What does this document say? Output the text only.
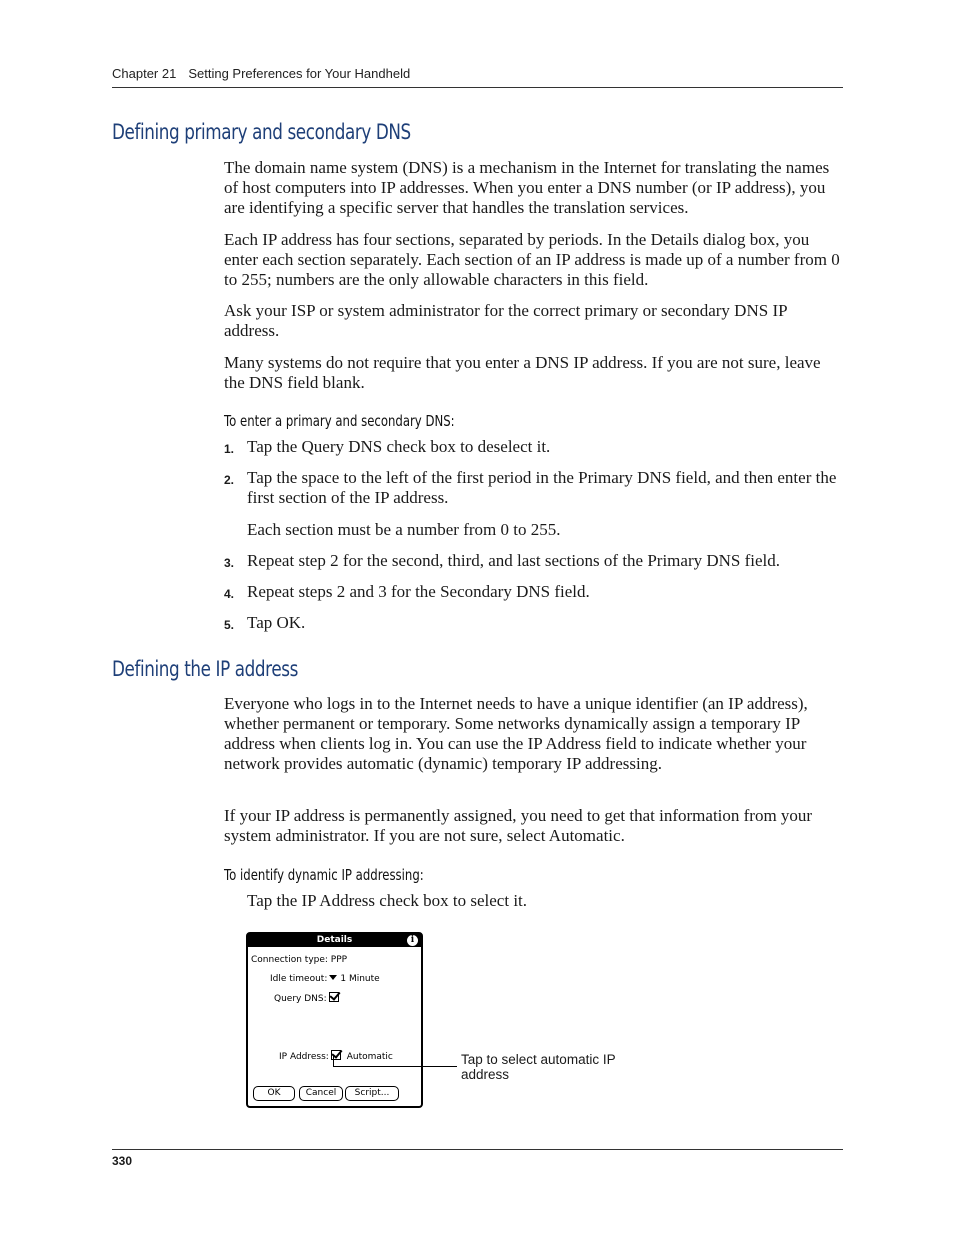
Chapter 21 Setting Preferences for Your Handheld
Defining primary and secondary DNS
The domain name system (DNS) is a mechanism in the Internet for translating the names of host computers into IP addresses. When you enter a DNS number (or IP address), you are identifying a specific server that handles the translation services.
Each IP address has four sections, separated by periods. In the Details dialog box, you enter each section separately. Each section of an IP address is made up of a number from 0 to 255; numbers are the only allowable characters in this field.
Ask your ISP or system administrator for the correct primary or secondary DNS IP address.
Many systems do not require that you enter a DNS IP address. If you are not sure, leave the DNS field blank.
To enter a primary and secondary DNS:
1. Tap the Query DNS check box to deselect it.
2. Tap the space to the left of the first period in the Primary DNS field, and then enter the first section of the IP address.
Each section must be a number from 0 to 255.
3. Repeat step 2 for the second, third, and last sections of the Primary DNS field.
4. Repeat steps 2 and 3 for the Secondary DNS field.
5. Tap OK.
Defining the IP address
Everyone who logs in to the Internet needs to have a unique identifier (an IP address), whether permanent or temporary. Some networks dynamically assign a temporary IP address when clients log in. You can use the IP Address field to indicate whether your network provides automatic (dynamic) temporary IP addressing.
If your IP address is permanently assigned, you need to get that information from your system administrator. If you are not sure, select Automatic.
To identify dynamic IP addressing:
Tap the IP Address check box to select it.
Details	i
Connection type: PPP
Idle timeout: 1 Minute
Query DNS:
IP Address: Automatic
OK	Cancel	Script...
Tap to select automatic IP address
330
